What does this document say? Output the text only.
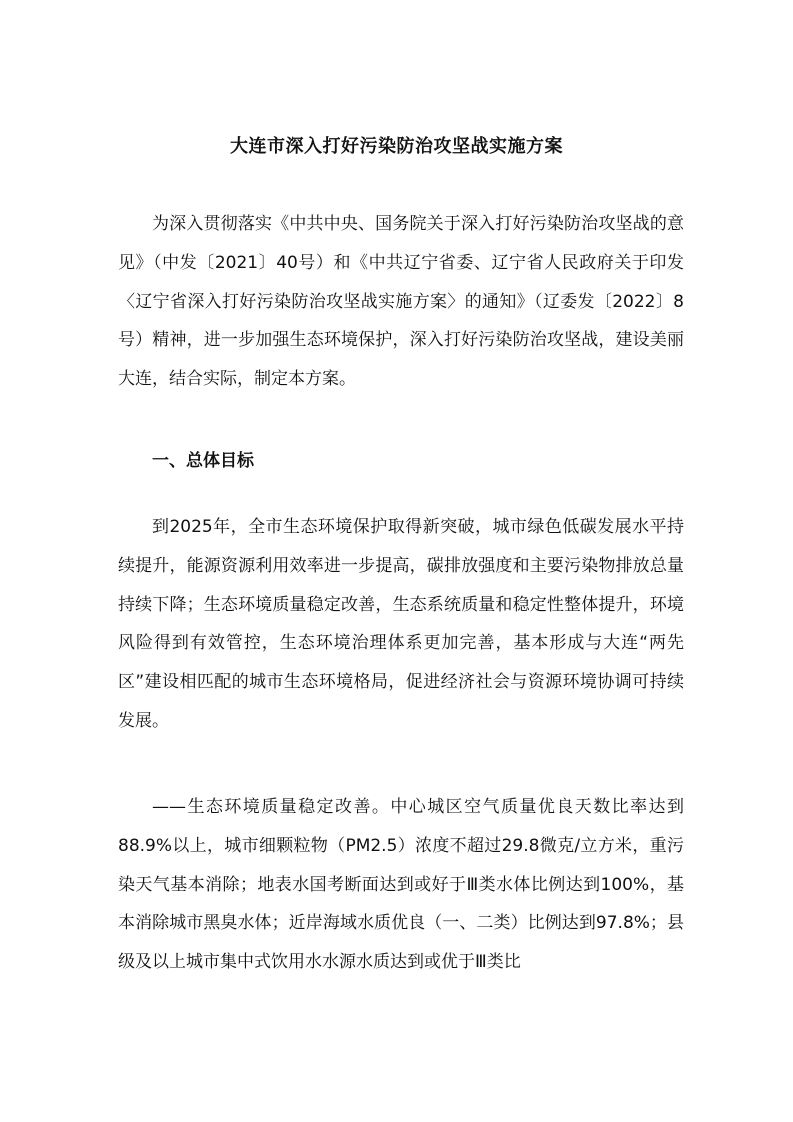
大连市深入打好污染防治攻坚战实施方案

为深入贯彻落实《中共中央、国务院关于深入打好污染防治攻坚战的意见》（中发〔2021〕40号）和《中共辽宁省委、辽宁省人民政府关于印发〈辽宁省深入打好污染防治攻坚战实施方案〉的通知》（辽委发〔2022〕8号）精神，进一步加强生态环境保护，深入打好污染防治攻坚战，建设美丽大连，结合实际，制定本方案。

一、总体目标

到2025年，全市生态环境保护取得新突破，城市绿色低碳发展水平持续提升，能源资源利用效率进一步提高，碳排放强度和主要污染物排放总量持续下降；生态环境质量稳定改善，生态系统质量和稳定性整体提升，环境风险得到有效管控，生态环境治理体系更加完善，基本形成与大连“两先区”建设相匹配的城市生态环境格局，促进经济社会与资源环境协调可持续发展。

——生态环境质量稳定改善。中心城区空气质量优良天数比率达到88.9%以上，城市细颗粒物（PM2.5）浓度不超过29.8微克/立方米，重污染天气基本消除；地表水国考断面达到或好于Ⅲ类水体比例达到100%，基本消除城市黑臭水体；近岸海域水质优良（一、二类）比例达到97.8%；县级及以上城市集中式饮用水水源水质达到或优于Ⅲ类比
